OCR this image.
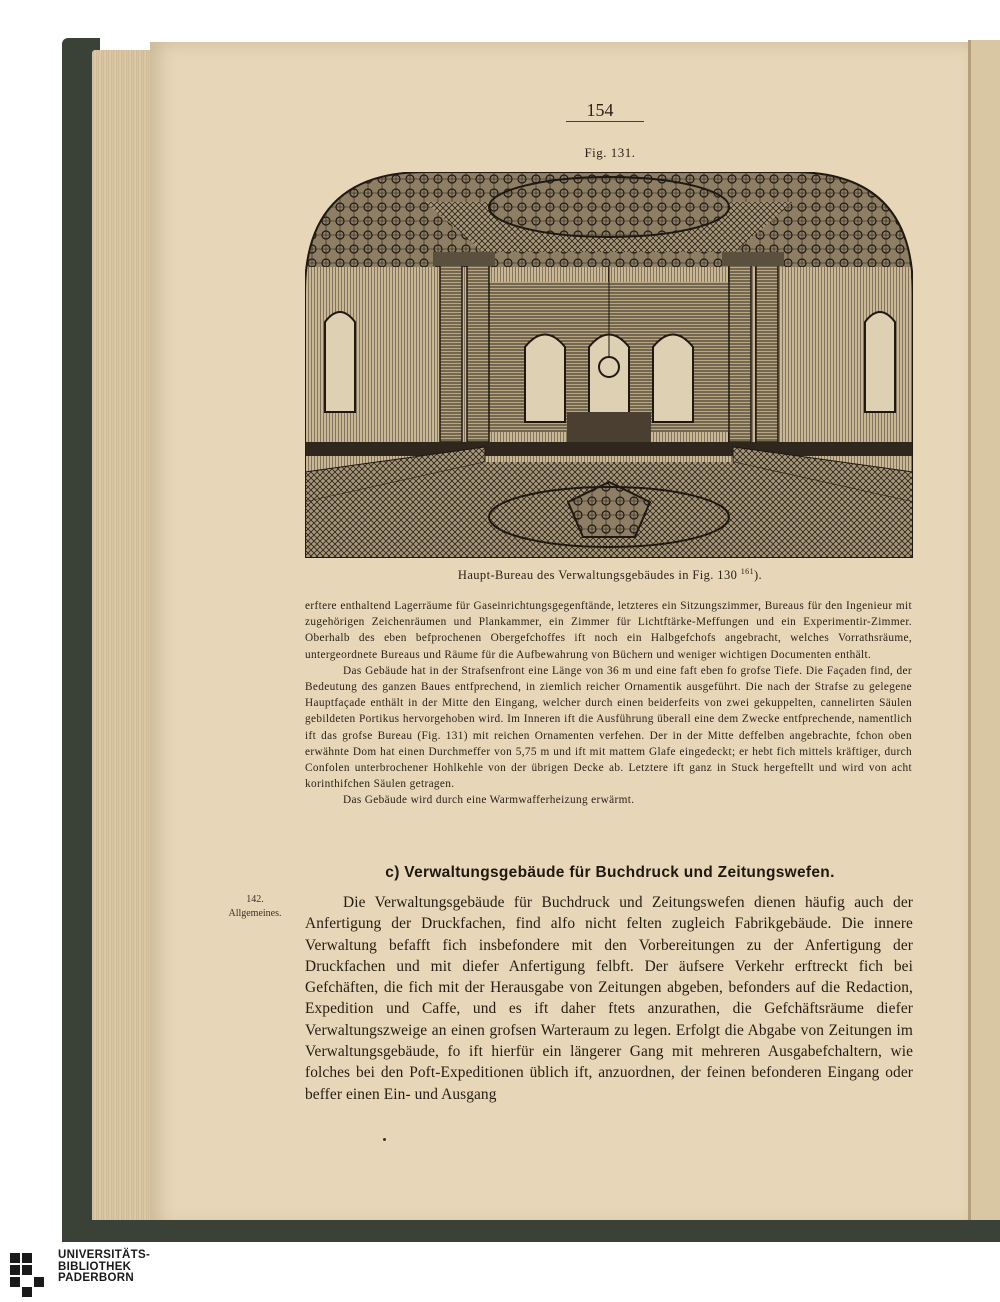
154
Fig. 131.
Haupt-Bureau des Verwaltungsgebäudes in Fig. 130 $^{161}$).

erftere enthaltend Lagerräume für Gaseinrichtungsgegenftände, letzteres ein Sitzungszimmer, Bureaus für den Ingenieur mit zugehörigen Zeichenräumen und Plankammer, ein Zimmer für Lichtftärke-Meffungen und ein Experimentir-Zimmer. Oberhalb des eben befprochenen Obergefchoffes ift noch ein Halbgefchofs angebracht, welches Vorrathsräume, untergeordnete Bureaus und Räume für die Aufbewahrung von Büchern und weniger wichtigen Documenten enthält.

Das Gebäude hat in der Strafsenfront eine Länge von 36 m und eine faft eben fo grofse Tiefe. Die Façaden find, der Bedeutung des ganzen Baues entfprechend, in ziemlich reicher Ornamentik ausgeführt. Die nach der Strafse zu gelegene Hauptfaçade enthält in der Mitte den Eingang, welcher durch einen beiderfeits von zwei gekuppelten, cannelirten Säulen gebildeten Portikus hervorgehoben wird. Im Inneren ift die Ausführung überall eine dem Zwecke entfprechende, namentlich ift das grofse Bureau (Fig. 131) mit reichen Ornamenten verfehen. Der in der Mitte deffelben angebrachte, fchon oben erwähnte Dom hat einen Durchmeffer von 5,75 m und ift mit mattem Glafe eingedeckt; er hebt fich mittels kräftiger, durch Confolen unterbrochener Hohlkehle von der übrigen Decke ab. Letztere ift ganz in Stuck hergeftellt und wird von acht korinthifchen Säulen getragen.

Das Gebäude wird durch eine Warmwafferheizung erwärmt.

c) Verwaltungsgebäude für Buchdruck und Zeitungswefen.
142.
Allgemeines.

Die Verwaltungsgebäude für Buchdruck und Zeitungswefen dienen häufig auch der Anfertigung der Druckfachen, find alfo nicht felten zugleich Fabrikgebäude. Die innere Verwaltung befafft fich insbefondere mit den Vorbereitungen zu der Anfertigung der Druckfachen und mit diefer Anfertigung felbft. Der äufsere Verkehr erftreckt fich bei Gefchäften, die fich mit der Herausgabe von Zeitungen abgeben, befonders auf die Redaction, Expedition und Caffe, und es ift daher ftets anzurathen, die Gefchäftsräume diefer Verwaltungszweige an einen grofsen Warteraum zu legen. Erfolgt die Abgabe von Zeitungen im Verwaltungsgebäude, fo ift hierfür ein längerer Gang mit mehreren Ausgabefchaltern, wie folches bei den Poft-Expeditionen üblich ift, anzuordnen, der feinen befonderen Eingang oder beffer einen Ein- und Ausgang

UNIVERSITÄTS-
BIBLIOTHEK
PADERBORN
